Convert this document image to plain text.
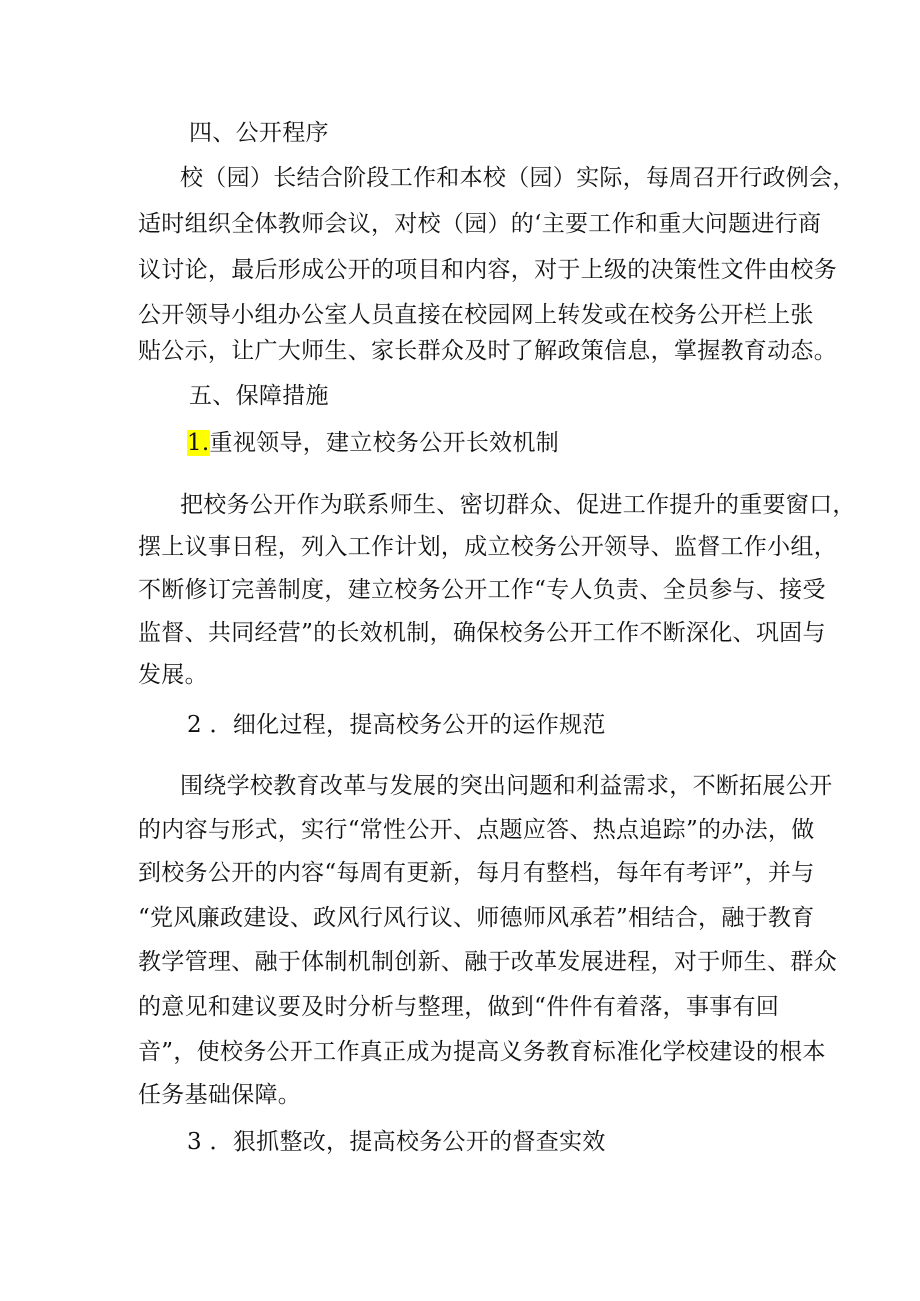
四、公开程序
校（园）长结合阶段工作和本校（园）实际，每周召开行政例会，
适时组织全体教师会议，对校（园）的‘主要工作和重大问题进行商
议讨论，最后形成公开的项目和内容，对于上级的决策性文件由校务
公开领导小组办公室人员直接在校园网上转发或在校务公开栏上张
贴公示，让广大师生、家长群众及时了解政策信息，掌握教育动态。
五、保障措施
1.重视领导，建立校务公开长效机制
把校务公开作为联系师生、密切群众、促进工作提升的重要窗口，
摆上议事日程，列入工作计划，成立校务公开领导、监督工作小组，
不断修订完善制度，建立校务公开工作“专人负责、全员参与、接受
监督、共同经营”的长效机制，确保校务公开工作不断深化、巩固与
发展。
2 ．细化过程，提高校务公开的运作规范
围绕学校教育改革与发展的突出问题和利益需求，不断拓展公开
的内容与形式，实行“常性公开、点题应答、热点追踪”的办法，做
到校务公开的内容“每周有更新，每月有整档，每年有考评”，并与
“党风廉政建设、政风行风行议、师德师风承若”相结合，融于教育
教学管理、融于体制机制创新、融于改革发展进程，对于师生、群众
的意见和建议要及时分析与整理，做到“件件有着落，事事有回
音”，使校务公开工作真正成为提高义务教育标准化学校建设的根本
任务基础保障。
3 ．狠抓整改，提高校务公开的督查实效
